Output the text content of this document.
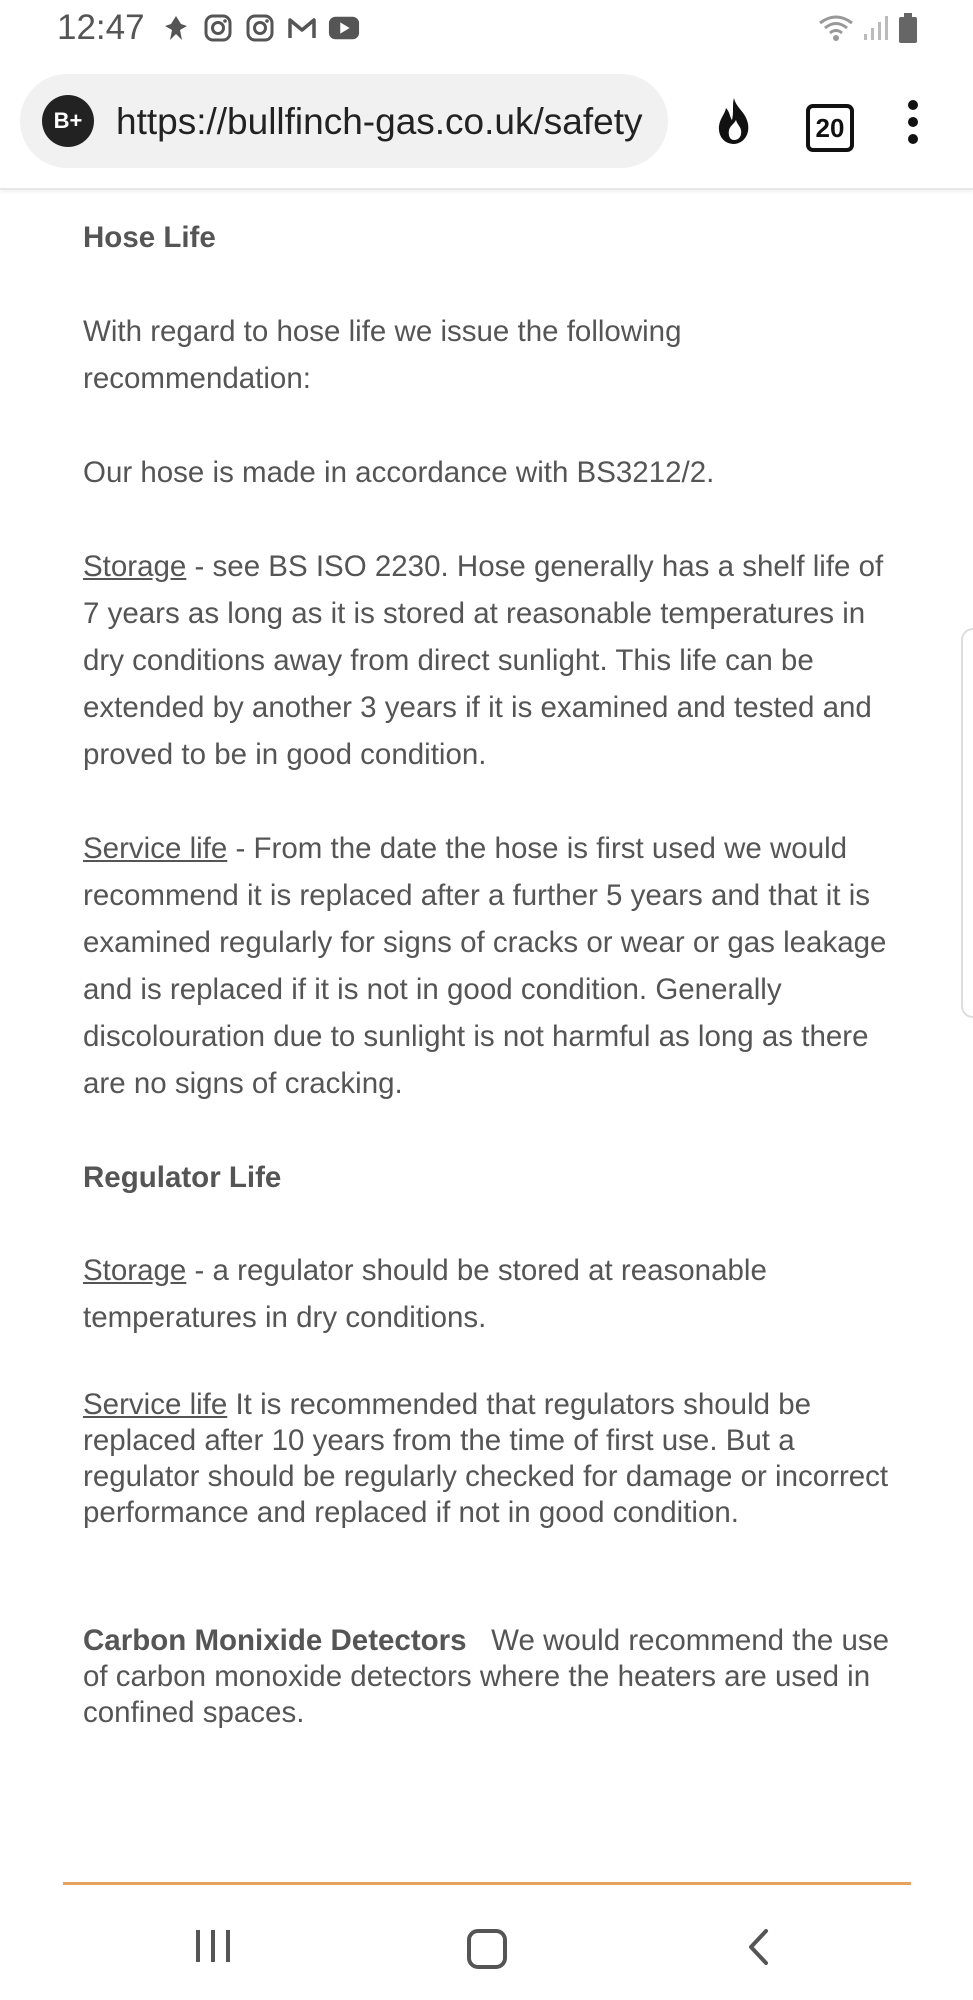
12:47
B+ https://bullfinch-gas.co.uk/safety	20

Hose Life

With regard to hose life we issue the following recommendation:

Our hose is made in accordance with BS3212/2.

Storage - see BS ISO 2230. Hose generally has a shelf life of 7 years as long as it is stored at reasonable temperatures in dry conditions away from direct sunlight. This life can be extended by another 3 years if it is examined and tested and proved to be in good condition.

Service life - From the date the hose is first used we would recommend it is replaced after a further 5 years and that it is examined regularly for signs of cracks or wear or gas leakage and is replaced if it is not in good condition. Generally discolouration due to sunlight is not harmful as long as there are no signs of cracking.

Regulator Life

Storage - a regulator should be stored at reasonable temperatures in dry conditions.

Service life It is recommended that regulators should be replaced after 10 years from the time of first use. But a regulator should be regularly checked for damage or incorrect performance and replaced if not in good condition.

Carbon Monixide Detectors   We would recommend the use of carbon monoxide detectors where the heaters are used in confined spaces.
